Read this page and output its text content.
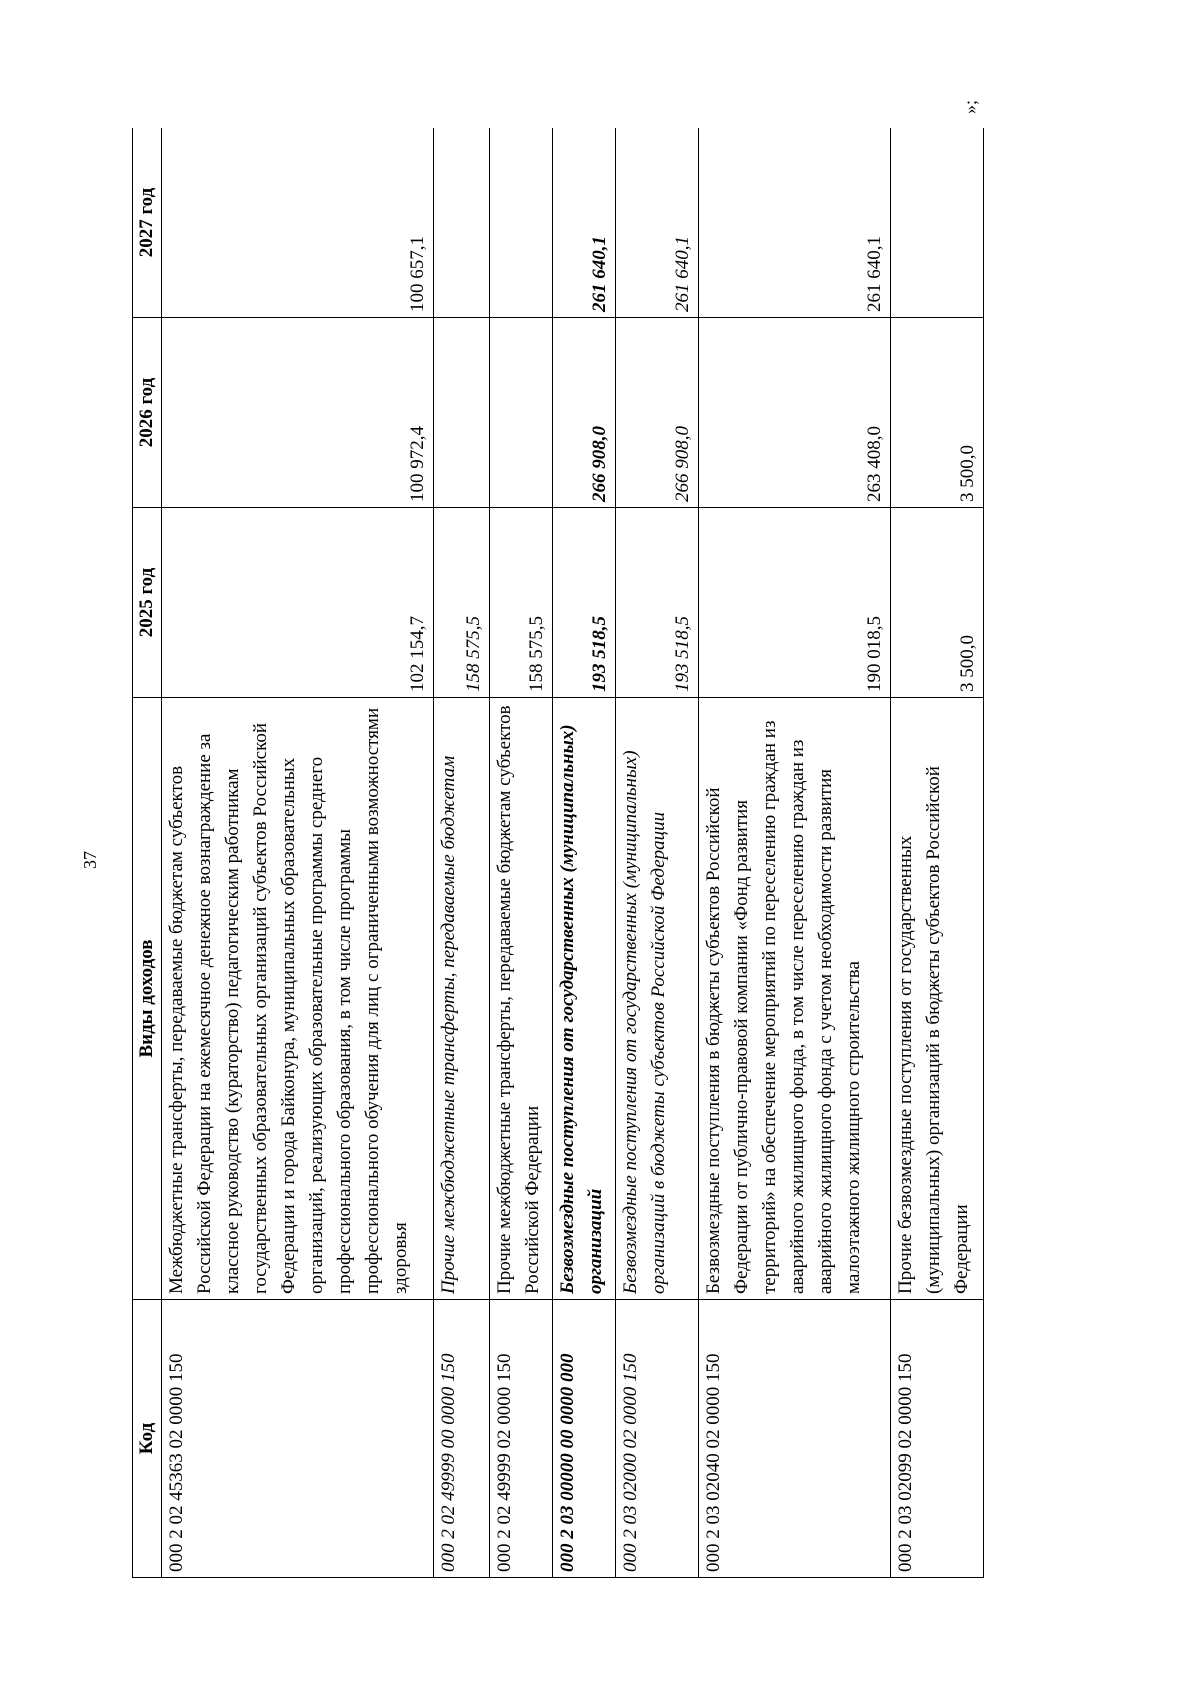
37
»;
Код	Виды доходов	2025 год	2026 год	2027 год
000 2 02 45363 02 0000 150	Межбюджетные трансферты, передаваемые бюджетам субъектов Российской Федерации на ежемесячное денежное вознаграждение за классное руководство (кураторство) педагогическим работникам государственных образовательных организаций субъектов Российской Федерации и города Байконура, муниципальных образовательных организаций, реализующих образовательные программы среднего профессионального образования, в том числе программы профессионального обучения для лиц с ограниченными возможностями здоровья	102 154,7	100 972,4	100 657,1
000 2 02 49999 00 0000 150	Прочие межбюджетные трансферты, передаваемые бюджетам	158 575,5		
000 2 02 49999 02 0000 150	Прочие межбюджетные трансферты, передаваемые бюджетам субъектов Российской Федерации	158 575,5		
000 2 03 00000 00 0000 000	Безвозмездные поступления от государственных (муниципальных) организаций	193 518,5	266 908,0	261 640,1
000 2 03 02000 02 0000 150	Безвозмездные поступления от государственных (муниципальных) организаций в бюджеты субъектов Российской Федерации	193 518,5	266 908,0	261 640,1
000 2 03 02040 02 0000 150	Безвозмездные поступления в бюджеты субъектов Российской Федерации от публично-правовой компании «Фонд развития территорий» на обеспечение мероприятий по переселению граждан из аварийного жилищного фонда, в том числе переселению граждан из аварийного жилищного фонда с учетом необходимости развития малоэтажного жилищного строительства	190 018,5	263 408,0	261 640,1
000 2 03 02099 02 0000 150	Прочие безвозмездные поступления от государственных (муниципальных) организаций в бюджеты субъектов Российской Федерации	3 500,0	3 500,0	
